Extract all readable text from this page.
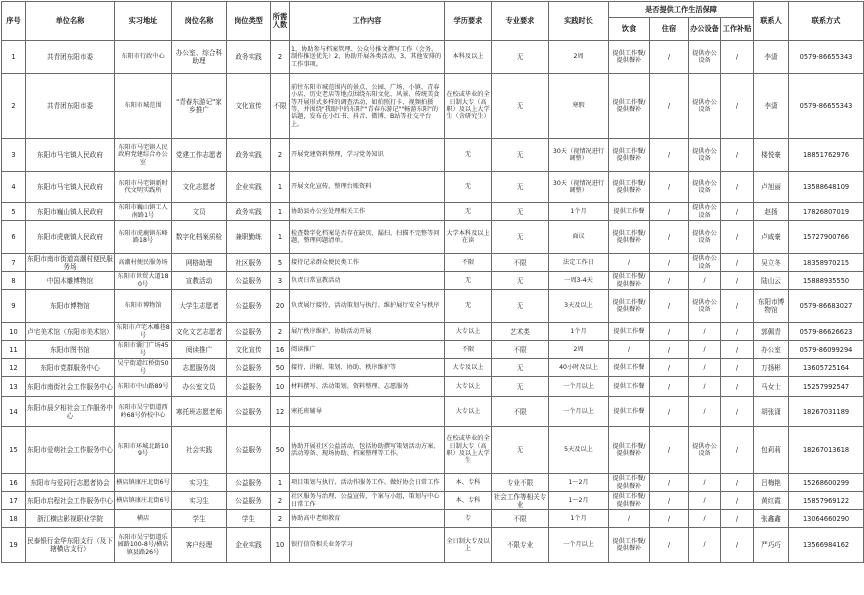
序号	单位名称	实习地址	岗位名称	岗位类型	所需人数	工作内容	学历要求	专业要求	实践时长	是否提供工作生活保障				联系人	联系方式
										饮食	住宿	办公设备	工作补贴		
1	共青团东阳市委	东阳市行政中心	办公室、综合科助理	政务实践	2	1、协助参与档案管理、公众号推文撰写工作（会务、制作推送优先）2、协助开展各类活动。3、其他安排的工作事项。	本科及以上	无	2周	提供工作餐/提供餐补	/	提供办公设备	/	李潇	0579-86655343
2	共青团东阳市委	东阳市城范围	"青春东游记"家乡推广	文化宣传	不限	前往东阳市城范围内的景点、公园、广场、小镇、青春小店、历史老店等地点围绕东阳文化、风景、传统美食等开展形式多样的调查活动，如拍照打卡、视频拍摄等，并围绕"我眼中的东阳""青春东游记""畅游东阳"的话题，发布在小红书、抖音、微博、B站等社交平台上。	在校或毕业的全日制大专（高职）及以上大学生（含研究生）	无	寒假	提供工作餐/提供餐补	/	提供办公设备	/	李潇	0579-86655343
3	东阳市马宅镇人民政府	东阳市马宅镇人民政府党建综合办公室	党建工作志愿者	政务实践	2	开展党建资料整理，学习党务知识	无	无	30天（视情况进行调整）	提供工作餐/提供餐补	/	提供办公设备	/	楼悦豪	18851762976
4	东阳市马宅镇人民政府	东阳市马宅镇新时代文明实践所	文化志愿者	企业实践	1	开展文化宣传，整理台账资料	无	无	30天（视情况进行调整）	提供工作餐/提供餐补	/	提供办公设备	/	卢旭丽	13588648109
5	东阳市巍山镇人民政府	东阳市巍山镇工人南路1号	文员	政务实践	1	协助县办公室处理相关工作	无	无	1个月	提供工作餐	/	提供办公设备	/	赵扬	17826807019
6	东阳市虎鹿镇人民政府	东阳市虎鹿镇东峰路18号	数字化档案质检	兼职勤练	1	检查数字化档案是否存在缺页、漏扫，扫描不完整等问题，整理问题清单。	大学本科及以上在读	无	面议	提供工作餐/提供餐补	/	提供办公设备	/	卢咸豪	15727900766
7	东阳市南市街道高潮村便民服务场	高潮村便民服务场	网格助理	社区服务	5	接待记录群众便民类工作	不限	不限	法定工作日	/	/	提供办公设备	/	吴立冬	18358970215
8	中国木雕博物馆	东阳市世贸大道180号	宣教活动	公益服务	3	负责日常宣教活动	无	无	一周3-4天	提供工作餐/提供餐补	/	/	/	陆山云	15888935550
9	东阳市博物馆	东阳市博物馆	大学生志愿者	公益服务	20	负责展厅接待、活动策划与执行、维护展厅安全与秩序	无	无	3天及以上	提供工作餐/提供餐补	/	提供办公设备	/	东阳市博物馆	0579-86683027
10	卢宅美术馆（东阳市美术馆）	东阳市卢宅木雕巷8号	文化文艺志愿者	公益服务	2	展厅秩序维护，协助活动开展	大专以上	艺术类	1个月	提供工作餐	/	/	/	郭佩青	0579-86626623
11	东阳市图书馆	东阳市囊门广场45号	阅读推广	文化宣传	16	阅读推广	不限	不限	2周	/	/	/	/	办公室	0579-86099294
12	东阳市党群服务中心	吴宁街道红桥街50号	志愿服务岗	公益服务	50	接待、讲解、策划、协助、秩序维护等	大专及以上	无	40小时及以上	提供工作餐	/	/	/	万扬彬	13605725164
13	东阳市南街社会工作服务中心	东阳市中山路89号	办公室文员	公益服务	10	材料撰写、活动策划、资料整理、志愿服务	大专以上	无	一个月以上	提供工作餐	/	/	/	马女士	15257992547
14	东阳市晨夕相社会工作服务中心	东阳市吴宁街道西岭68号侨校中心	寒托班志愿老师	公益服务	12	寒托班辅导	大专以上	不限	一个月以上	提供工作餐	/	/	/	胡张潇	18267031189
15	东阳市爱萌社会工作服务中心	东阳市环城北路109号	社会实践	公益服务	50	协助开展社区公益活动，包括协助撰写策划活动方案、活动筹备、现场协助、档案整理等工作。	在校或毕业的全日制大专（高职）及以上大学生	无	5天及以上	提供工作餐/提供餐补	/	提供办公设备	/	包莉莉	18267013618
16	东阳市与爱同行志愿者协会	横店镇康庄北街6号	实习生	公益服务	1	项目策划与执行、活动作服务工作、做好协会日常工作	本、专科	专业不限	1～2月	提供工作餐/提供餐补	/	/	/	吕梅艳	15268600299
17	东阳市启程社会工作服务中心	横店镇康庄北街6号	实习生	公益服务	2	社区服务与治理、公益宣传，个案与小组，策划与中心日常工作	本、专科	社会工作等相关专业	1～2月	提供工作餐/提供餐补	/	/	/	黄红霞	15857969122
18	浙江横店影视职业学院	横店	学生	学生	2	协助高中老师教育	专	不限	1个月	/	/	/	/	张鑫鑫	13064660290
19	民泰银行金华东阳支行（及下辖横店支行）	东阳市吴宁街道乐园路100-8号/横店镇县路26号	客户经理	企业实践	10	银行信贷相关业务学习	全日制大专及以上	不限专业	一个月以上	提供工作餐/提供餐补	/	/	/	严巧巧	13566984162
